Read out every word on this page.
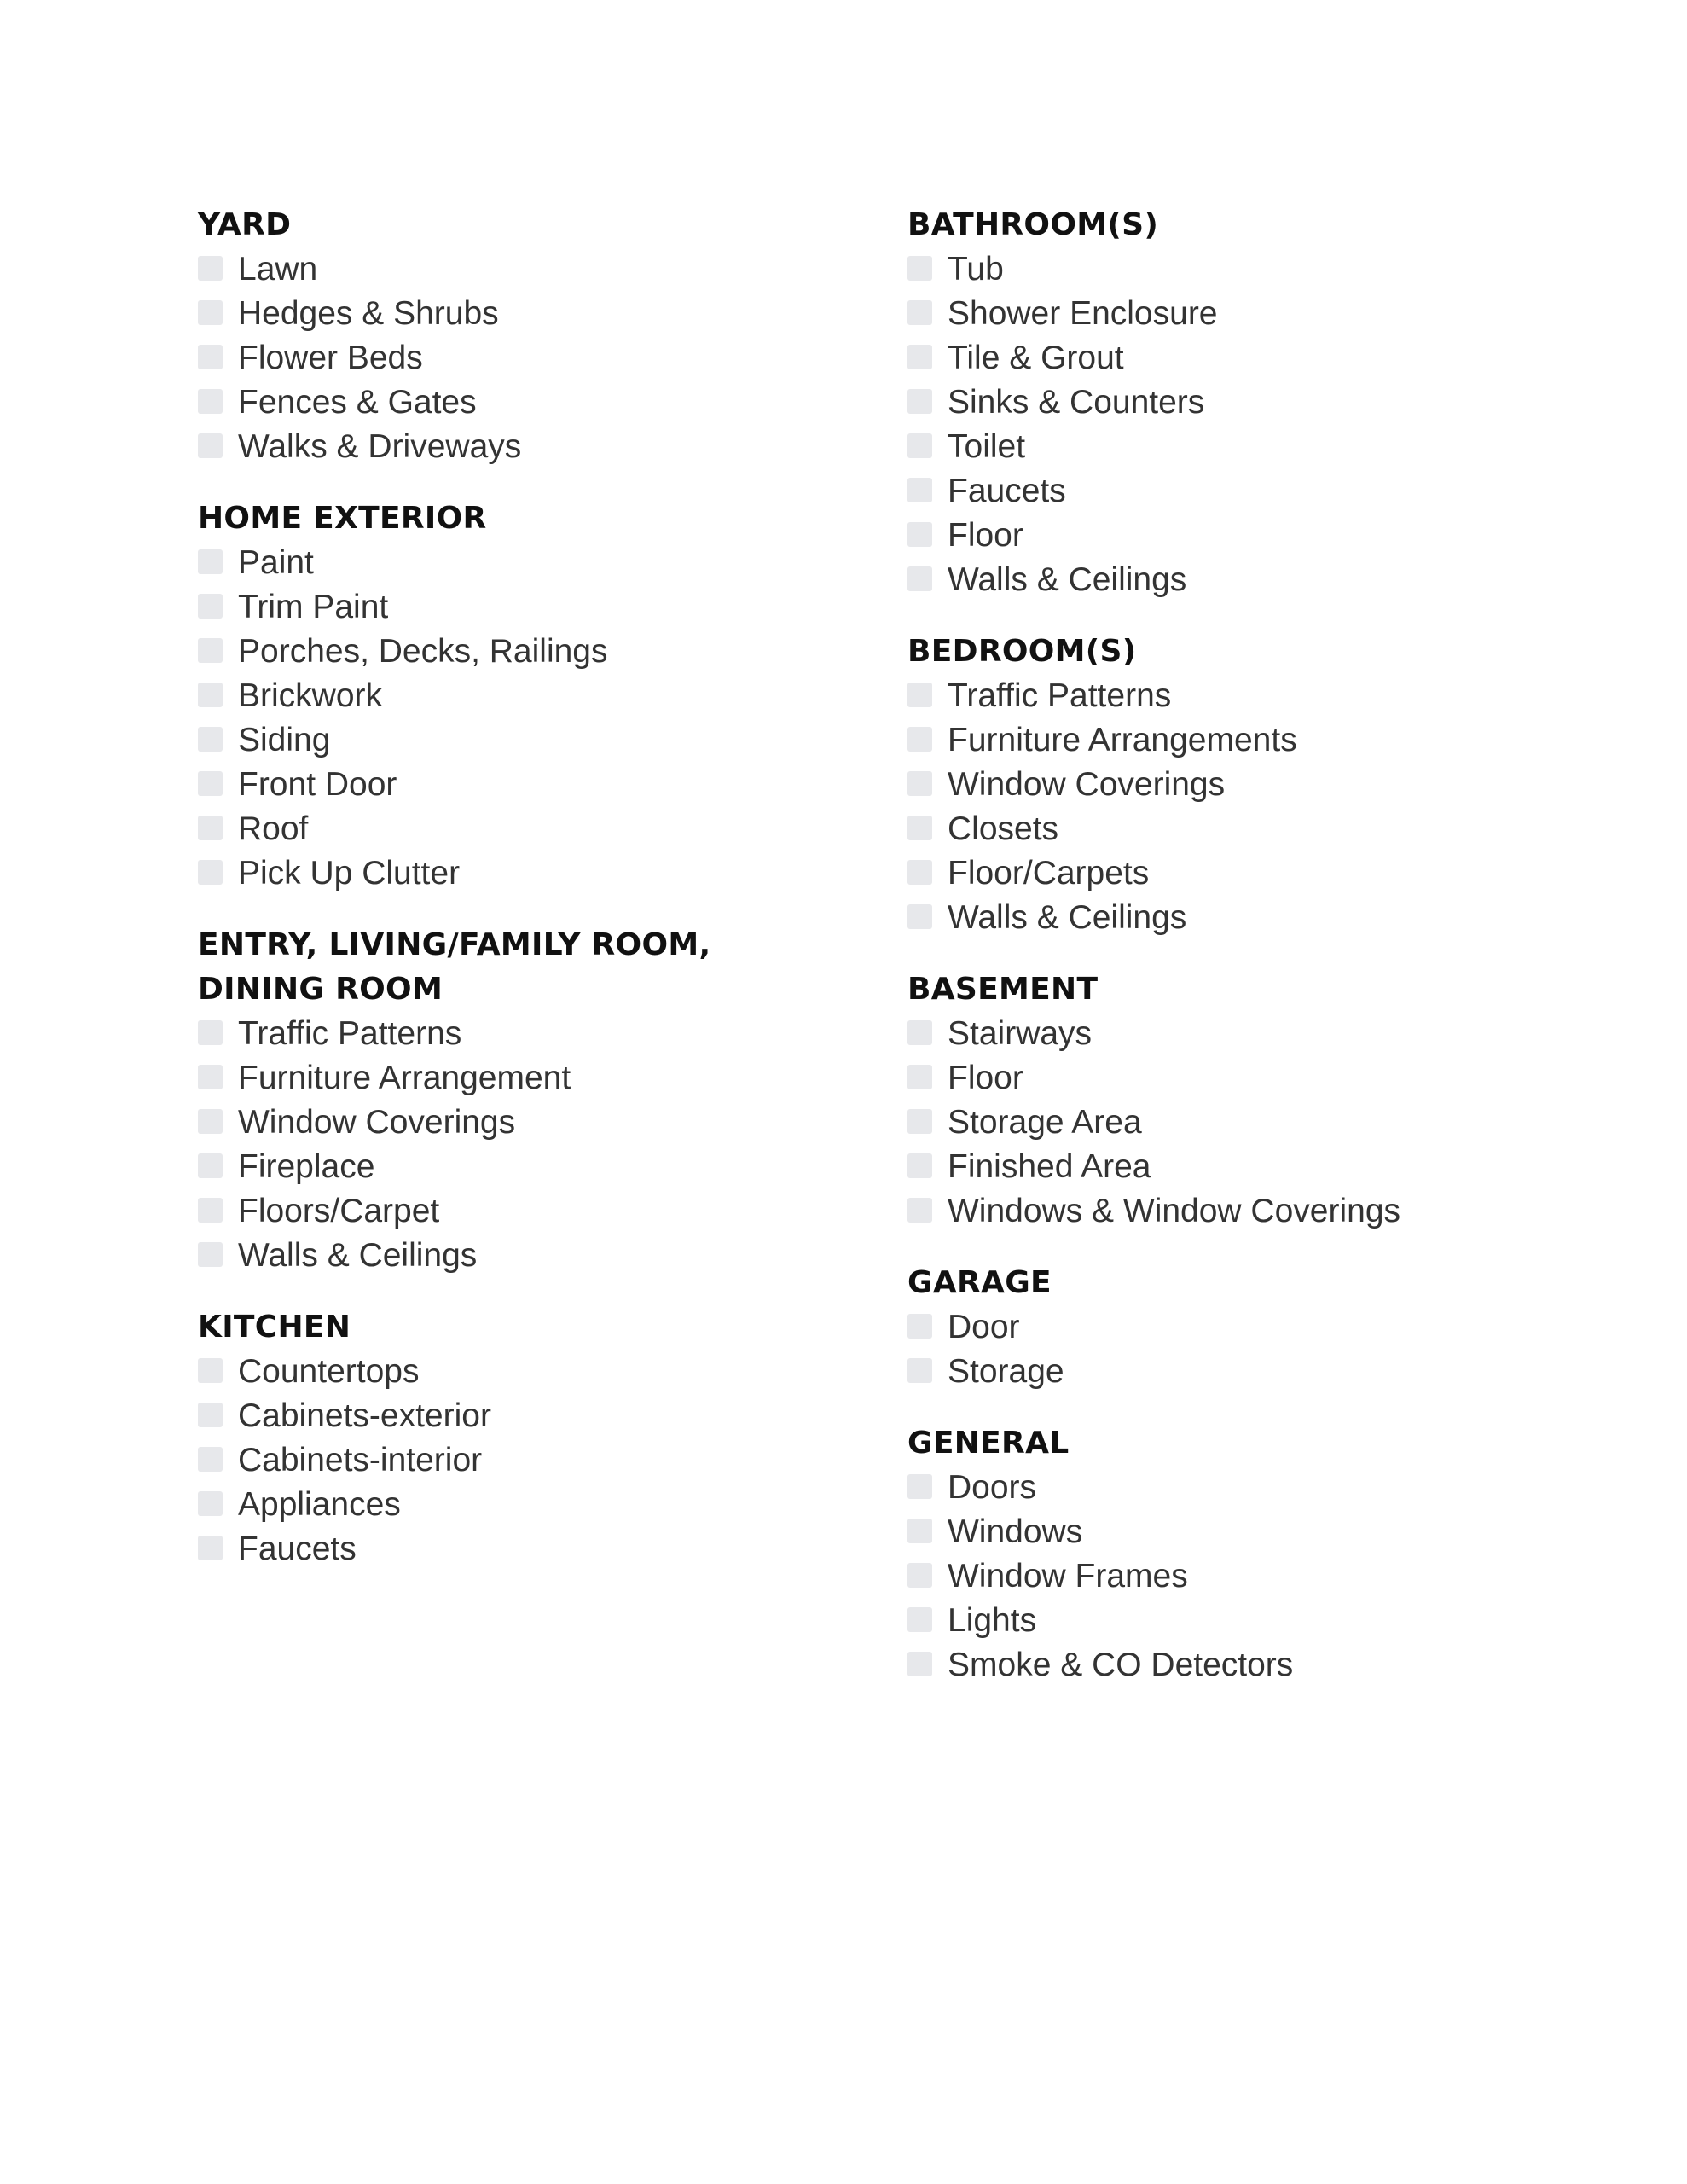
YARD
Lawn
Hedges & Shrubs
Flower Beds
Fences & Gates
Walks & Driveways
HOME EXTERIOR
Paint
Trim Paint
Porches, Decks, Railings
Brickwork
Siding
Front Door
Roof
Pick Up Clutter
ENTRY, LIVING/FAMILY ROOM,
DINING ROOM
Traffic Patterns
Furniture Arrangement
Window Coverings
Fireplace
Floors/Carpet
Walls & Ceilings
KITCHEN
Countertops
Cabinets-exterior
Cabinets-interior
Appliances
Faucets
BATHROOM(S)
Tub
Shower Enclosure
Tile & Grout
Sinks & Counters
Toilet
Faucets
Floor
Walls & Ceilings
BEDROOM(S)
Traffic Patterns
Furniture Arrangements
Window Coverings
Closets
Floor/Carpets
Walls & Ceilings
BASEMENT
Stairways
Floor
Storage Area
Finished Area
Windows & Window Coverings
GARAGE
Door
Storage
GENERAL
Doors
Windows
Window Frames
Lights
Smoke & CO Detectors
